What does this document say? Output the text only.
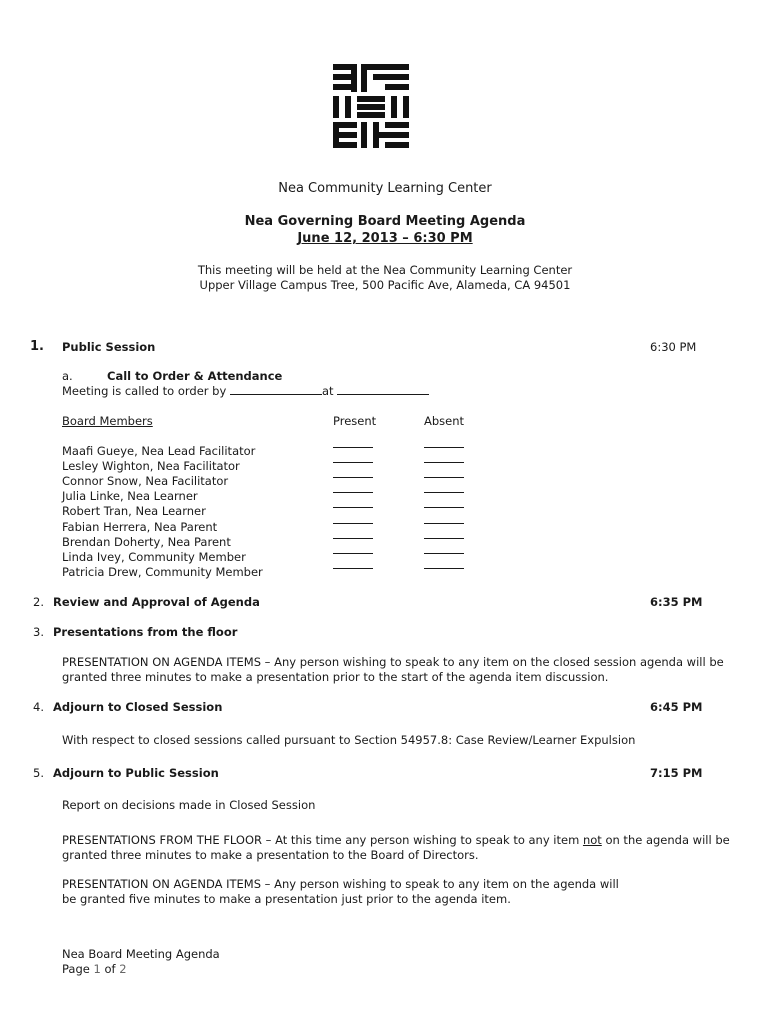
Nea Community Learning Center
Nea Governing Board Meeting Agenda
June 12, 2013 – 6:30 PM
This meeting will be held at the Nea Community Learning Center
Upper Village Campus Tree, 500 Pacific Ave, Alameda, CA 94501
1. Public Session	6:30 PM
a.	Call to Order & Attendance
Meeting is called to order by	at
Board Members	Present	Absent
Maafi Gueye, Nea Lead Facilitator
Lesley Wighton, Nea Facilitator
Connor Snow, Nea Facilitator
Julia Linke, Nea Learner
Robert Tran, Nea Learner
Fabian Herrera, Nea Parent
Brendan Doherty, Nea Parent
Linda Ivey, Community Member
Patricia Drew, Community Member
2. Review and Approval of Agenda	6:35 PM
3. Presentations from the floor
PRESENTATION ON AGENDA ITEMS – Any person wishing to speak to any item on the closed session agenda will be
granted three minutes to make a presentation prior to the start of the agenda item discussion.
4. Adjourn to Closed Session	6:45 PM
With respect to closed sessions called pursuant to Section 54957.8: Case Review/Learner Expulsion
5. Adjourn to Public Session	7:15 PM
Report on decisions made in Closed Session
PRESENTATIONS FROM THE FLOOR – At this time any person wishing to speak to any item not on the agenda will be
granted three minutes to make a presentation to the Board of Directors.
PRESENTATION ON AGENDA ITEMS – Any person wishing to speak to any item on the agenda will
be granted five minutes to make a presentation just prior to the agenda item.
Nea Board Meeting Agenda
Page 1 of 2
